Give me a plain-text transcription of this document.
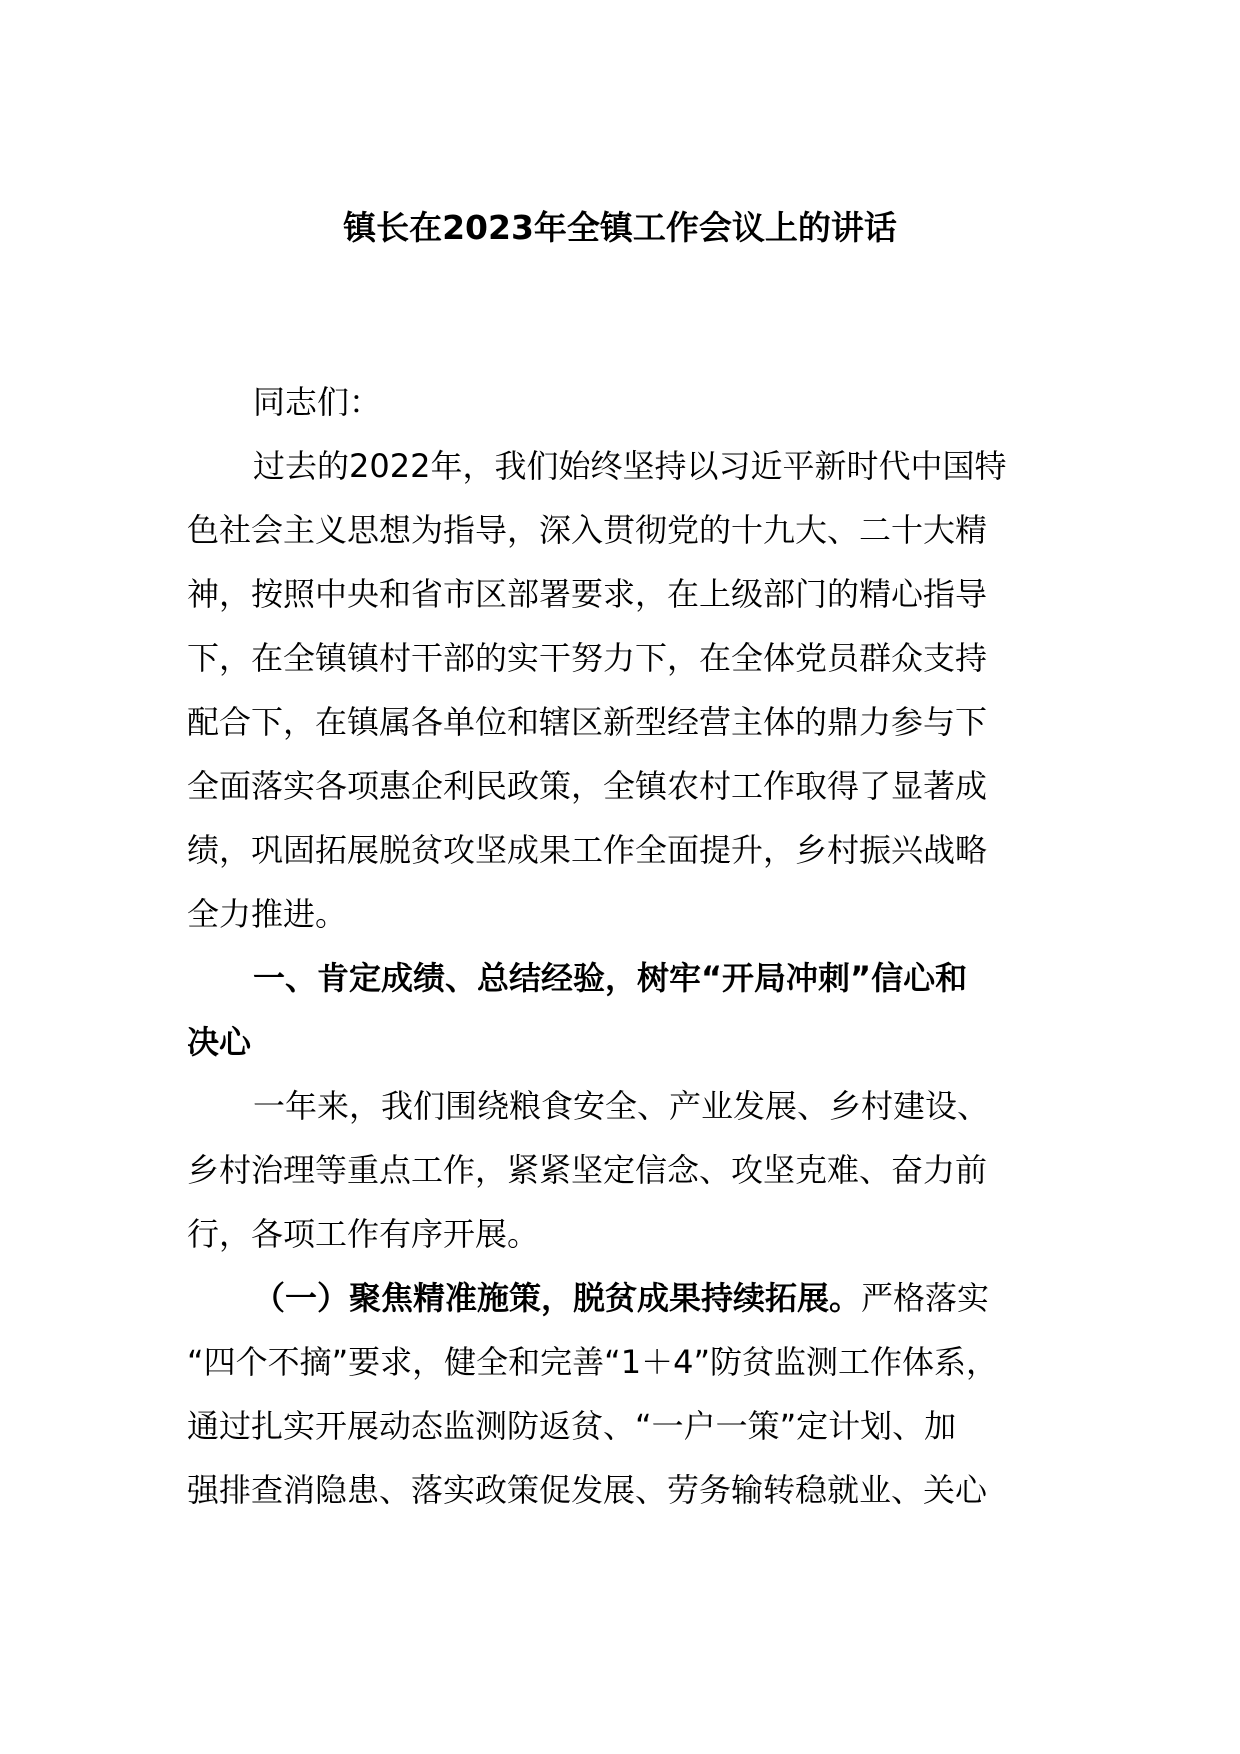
镇长在2023年全镇工作会议上的讲话
同志们：
过去的2022年，我们始终坚持以习近平新时代中国特
色社会主义思想为指导，深入贯彻党的十九大、二十大精
神，按照中央和省市区部署要求，在上级部门的精心指导
下，在全镇镇村干部的实干努力下，在全体党员群众支持
配合下，在镇属各单位和辖区新型经营主体的鼎力参与下
全面落实各项惠企利民政策，全镇农村工作取得了显著成
绩，巩固拓展脱贫攻坚成果工作全面提升，乡村振兴战略
全力推进。
一、肯定成绩、总结经验，树牢“开局冲刺”信心和
决心
一年来，我们围绕粮食安全、产业发展、乡村建设、
乡村治理等重点工作，紧紧坚定信念、攻坚克难、奋力前
行，各项工作有序开展。
（一）聚焦精准施策，脱贫成果持续拓展。严格落实
“四个不摘”要求，健全和完善“1＋4”防贫监测工作体系，
通过扎实开展动态监测防返贫、“一户一策”定计划、加
强排查消隐患、落实政策促发展、劳务输转稳就业、关心
